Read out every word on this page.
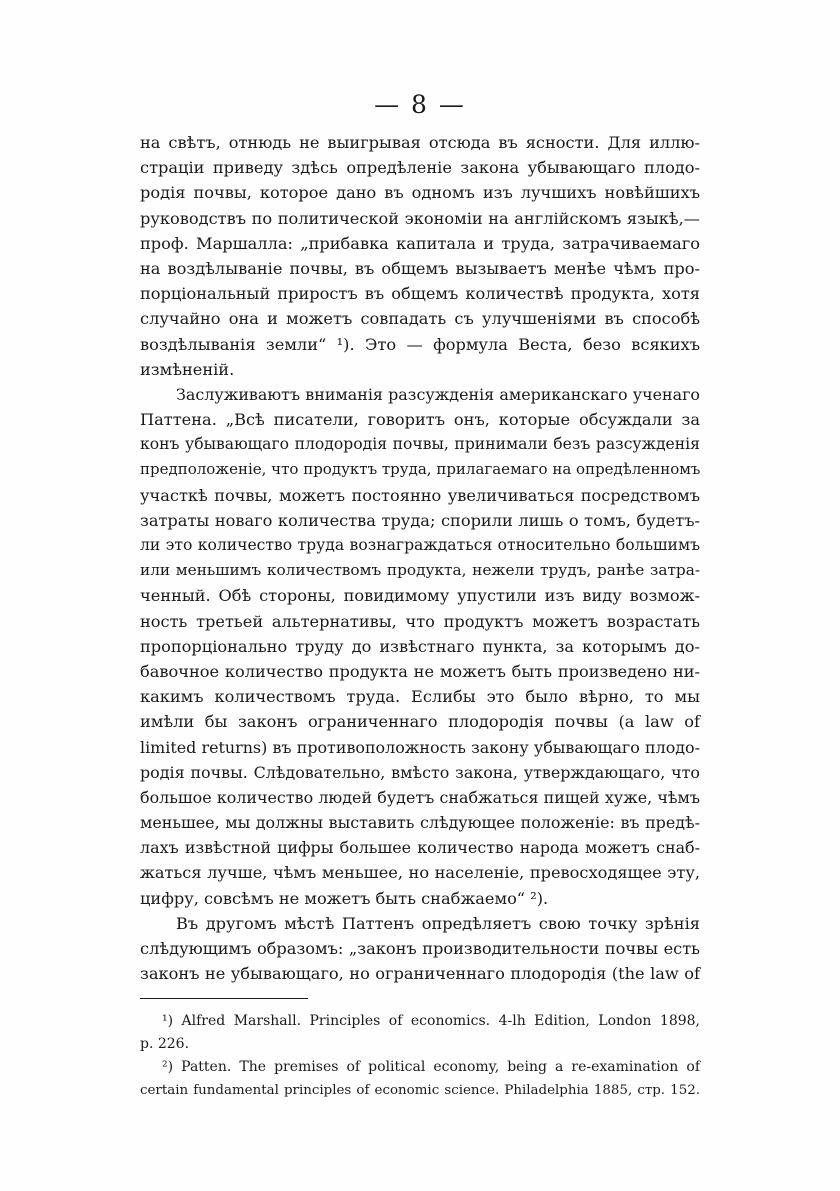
— 8 —
на свѣтъ, отнюдь не выигрывая отсюда въ ясности. Для иллю-
страціи приведу здѣсь опредѣленіе закона убывающаго плодо-
родія почвы, которое дано въ одномъ изъ лучшихъ новѣйшихъ
руководствъ по политической экономіи на англійскомъ языкѣ,—
проф. Маршалла: „прибавка капитала и труда, затрачиваемаго
на воздѣлываніе почвы, въ общемъ вызываетъ менѣе чѣмъ про-
порціональный приростъ въ общемъ количествѣ продукта, хотя
случайно она и можетъ совпадать съ улучшеніями въ способѣ
воздѣлыванія земли“ ¹). Это — формула Веста, безо всякихъ
измѣненій.
Заслуживаютъ вниманія разсужденія американскаго ученаго
Паттена. „Всѣ писатели, говоритъ онъ, которые обсуждали за
конъ убывающаго плодородія почвы, принимали безъ разсужденія
предположеніе, что продуктъ труда, прилагаемаго на опредѣленномъ
участкѣ почвы, можетъ постоянно увеличиваться посредствомъ
затраты новаго количества труда; спорили лишь о томъ, будетъ-
ли это количество труда вознаграждаться относительно большимъ
или меньшимъ количествомъ продукта, нежели трудъ, ранѣе затра-
ченный. Обѣ стороны, повидимому упустили изъ виду возмож-
ность третьей альтернативы, что продуктъ можетъ возрастать
пропорціонально труду до извѣстнаго пункта, за которымъ до-
бавочное количество продукта не можетъ быть произведено ни-
какимъ количествомъ труда. Еслибы это было вѣрно, то мы
имѣли бы законъ ограниченнаго плодородія почвы (a law of
limited returns) въ противоположность закону убывающаго плодо-
родія почвы. Слѣдовательно, вмѣсто закона, утверждающаго, что
большое количество людей будетъ снабжаться пищей хуже, чѣмъ
меньшее, мы должны выставить слѣдующее положеніе: въ предѣ-
лахъ извѣстной цифры большее количество народа можетъ снаб-
жаться лучше, чѣмъ меньшее, но населеніе, превосходящее эту,
цифру, совсѣмъ не можетъ быть снабжаемо“ ²).
Въ другомъ мѣстѣ Паттенъ опредѣляетъ свою точку зрѣнія
слѣдующимъ образомъ: „законъ производительности почвы есть
законъ не убывающаго, но ограниченнаго плодородія (the law of
¹) Alfred Marshall. Principles of economics. 4-lh Edition, London 1898,
p. 226.
²) Patten. The premises of political economy, being a re-examination of
certain fundamental principles of economic science. Philadelphia 1885, стр. 152.
